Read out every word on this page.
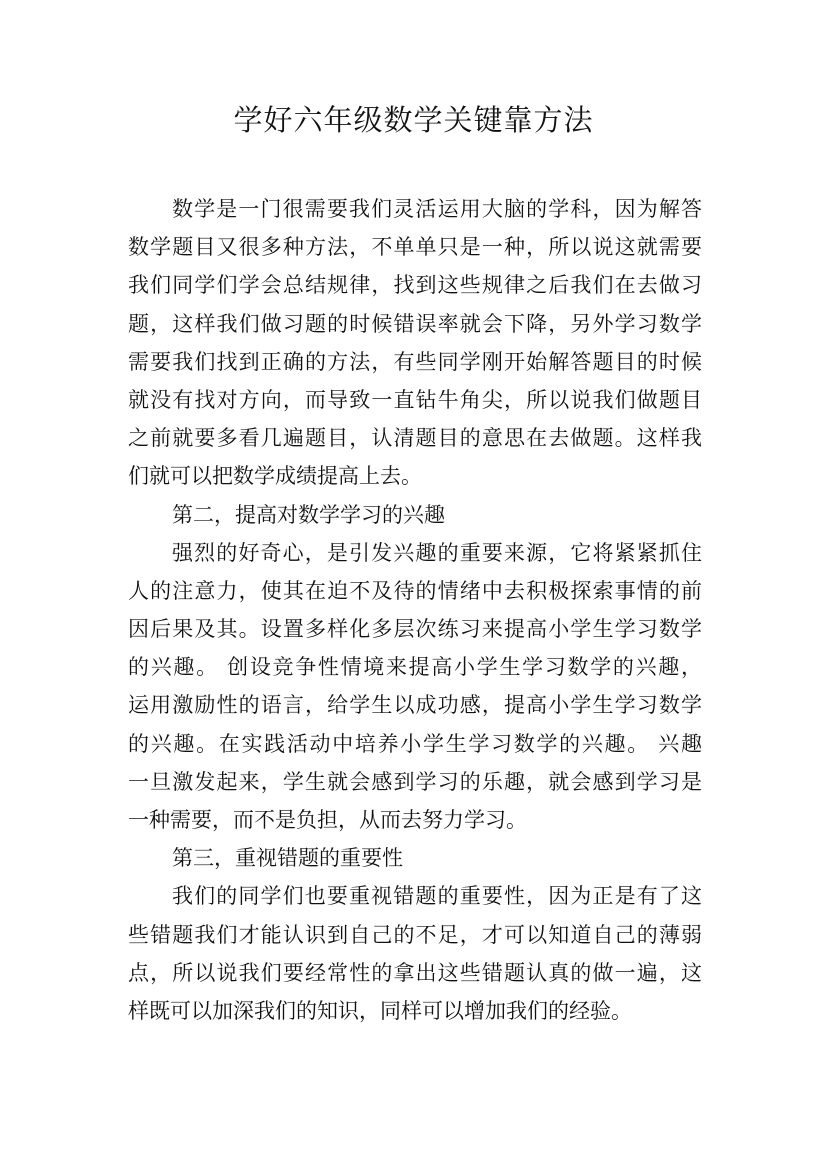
学好六年级数学关键靠方法
数学是一门很需要我们灵活运用大脑的学科，因为解答
数学题目又很多种方法，不单单只是一种，所以说这就需要
我们同学们学会总结规律，找到这些规律之后我们在去做习
题，这样我们做习题的时候错误率就会下降，另外学习数学
需要我们找到正确的方法，有些同学刚开始解答题目的时候
就没有找对方向，而导致一直钻牛角尖，所以说我们做题目
之前就要多看几遍题目，认清题目的意思在去做题。这样我
们就可以把数学成绩提高上去。
第二，提高对数学学习的兴趣
强烈的好奇心，是引发兴趣的重要来源，它将紧紧抓住
人的注意力，使其在迫不及待的情绪中去积极探索事情的前
因后果及其。设置多样化多层次练习来提高小学生学习数学
的兴趣。 创设竞争性情境来提高小学生学习数学的兴趣，
运用激励性的语言，给学生以成功感，提高小学生学习数学
的兴趣。在实践活动中培养小学生学习数学的兴趣。 兴趣
一旦激发起来，学生就会感到学习的乐趣，就会感到学习是
一种需要，而不是负担，从而去努力学习。
第三，重视错题的重要性
我们的同学们也要重视错题的重要性，因为正是有了这
些错题我们才能认识到自己的不足，才可以知道自己的薄弱
点，所以说我们要经常性的拿出这些错题认真的做一遍，这
样既可以加深我们的知识，同样可以增加我们的经验。
